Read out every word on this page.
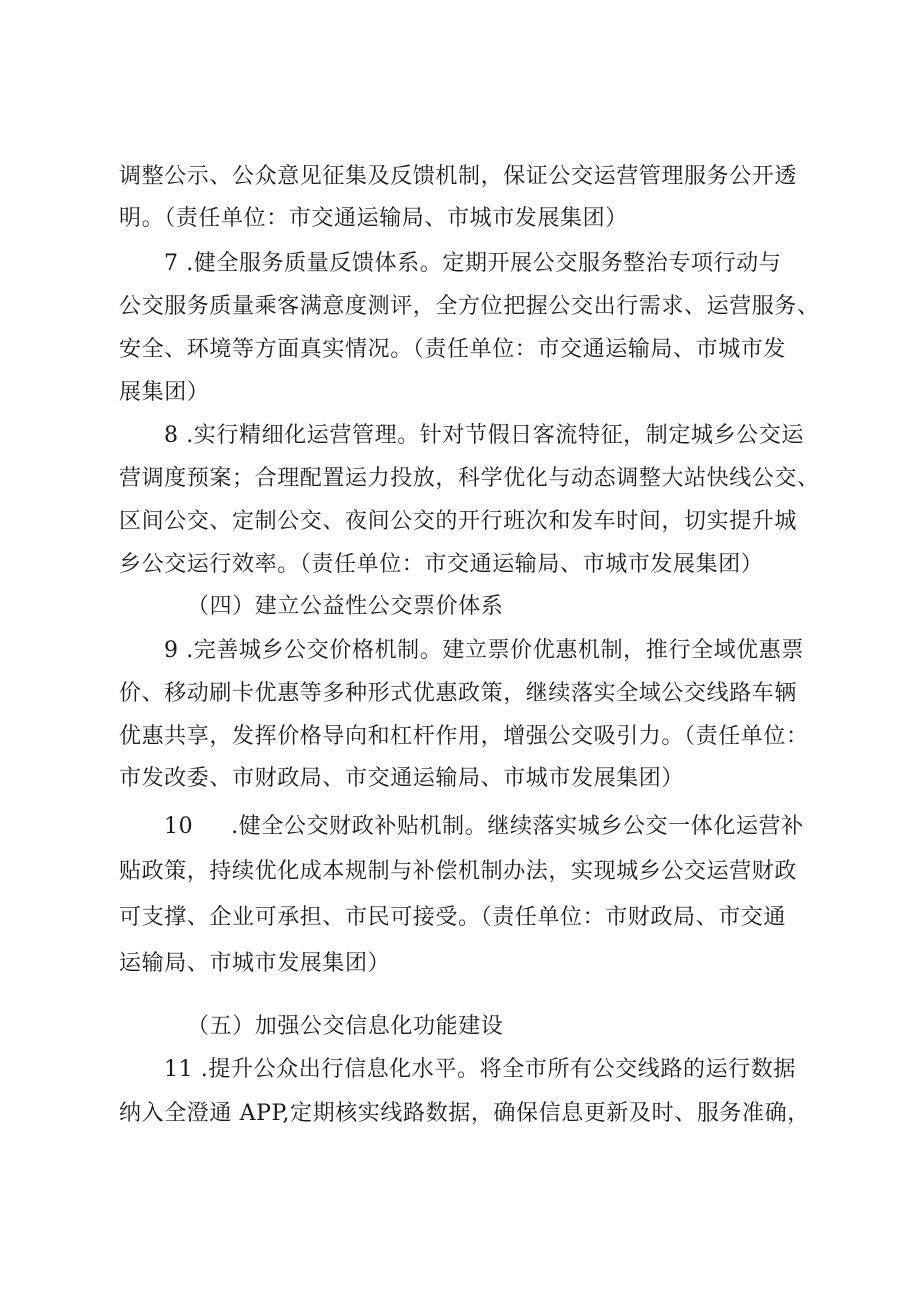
调整公示、公众意见征集及反馈机制，保证公交运营管理服务公开透
明。（责任单位：市交通运输局、市城市发展集团）
7 .健全服务质量反馈体系。定期开展公交服务整治专项行动与
公交服务质量乘客满意度测评，全方位把握公交出行需求、运营服务、
安全、环境等方面真实情况。（责任单位：市交通运输局、市城市发
展集团）
8 .实行精细化运营管理。针对节假日客流特征，制定城乡公交运
营调度预案；合理配置运力投放，科学优化与动态调整大站快线公交、
区间公交、定制公交、夜间公交的开行班次和发车时间，切实提升城
乡公交运行效率。（责任单位：市交通运输局、市城市发展集团）
（四）建立公益性公交票价体系
9 .完善城乡公交价格机制。建立票价优惠机制，推行全域优惠票
价、移动刷卡优惠等多种形式优惠政策，继续落实全域公交线路车辆
优惠共享，发挥价格导向和杠杆作用，增强公交吸引力。（责任单位：
市发改委、市财政局、市交通运输局、市城市发展集团）
10     .健全公交财政补贴机制。继续落实城乡公交一体化运营补
贴政策，持续优化成本规制与补偿机制办法，实现城乡公交运营财政
可支撑、企业可承担、市民可接受。（责任单位：市财政局、市交通
运输局、市城市发展集团）
（五）加强公交信息化功能建设
11 .提升公众出行信息化水平。将全市所有公交线路的运行数据
纳入全澄通 APP,定期核实线路数据，确保信息更新及时、服务准确，
